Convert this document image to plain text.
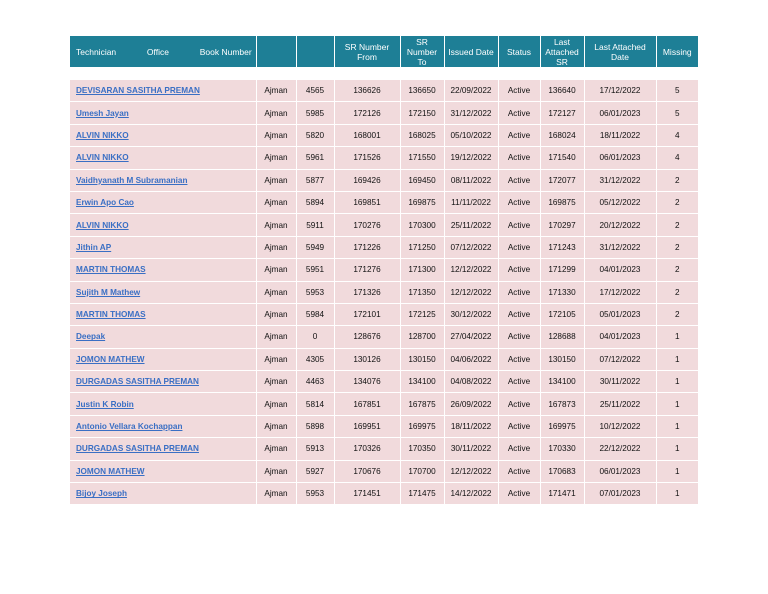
Technician Office Book Number			SR Number From	SR Number To	Issued Date	Status	Last Attached SR	Last Attached Date	Missing

DEVISARAN SASITHA PREMAN	Ajman	4565	136626	136650	22/09/2022	Active	136640	17/12/2022	5
Umesh Jayan	Ajman	5985	172126	172150	31/12/2022	Active	172127	06/01/2023	5
ALVIN NIKKO	Ajman	5820	168001	168025	05/10/2022	Active	168024	18/11/2022	4
ALVIN NIKKO	Ajman	5961	171526	171550	19/12/2022	Active	171540	06/01/2023	4
Vaidhyanath M Subramanian	Ajman	5877	169426	169450	08/11/2022	Active	172077	31/12/2022	2
Erwin Apo Cao	Ajman	5894	169851	169875	11/11/2022	Active	169875	05/12/2022	2
ALVIN NIKKO	Ajman	5911	170276	170300	25/11/2022	Active	170297	20/12/2022	2
Jithin AP	Ajman	5949	171226	171250	07/12/2022	Active	171243	31/12/2022	2
MARTIN THOMAS	Ajman	5951	171276	171300	12/12/2022	Active	171299	04/01/2023	2
Sujith M Mathew	Ajman	5953	171326	171350	12/12/2022	Active	171330	17/12/2022	2
MARTIN THOMAS	Ajman	5984	172101	172125	30/12/2022	Active	172105	05/01/2023	2
Deepak	Ajman	0	128676	128700	27/04/2022	Active	128688	04/01/2023	1
JOMON MATHEW	Ajman	4305	130126	130150	04/06/2022	Active	130150	07/12/2022	1
DURGADAS SASITHA PREMAN	Ajman	4463	134076	134100	04/08/2022	Active	134100	30/11/2022	1
Justin K Robin	Ajman	5814	167851	167875	26/09/2022	Active	167873	25/11/2022	1
Antonio Vellara Kochappan	Ajman	5898	169951	169975	18/11/2022	Active	169975	10/12/2022	1
DURGADAS SASITHA PREMAN	Ajman	5913	170326	170350	30/11/2022	Active	170330	22/12/2022	1
JOMON MATHEW	Ajman	5927	170676	170700	12/12/2022	Active	170683	06/01/2023	1
Bijoy Joseph	Ajman	5953	171451	171475	14/12/2022	Active	171471	07/01/2023	1
